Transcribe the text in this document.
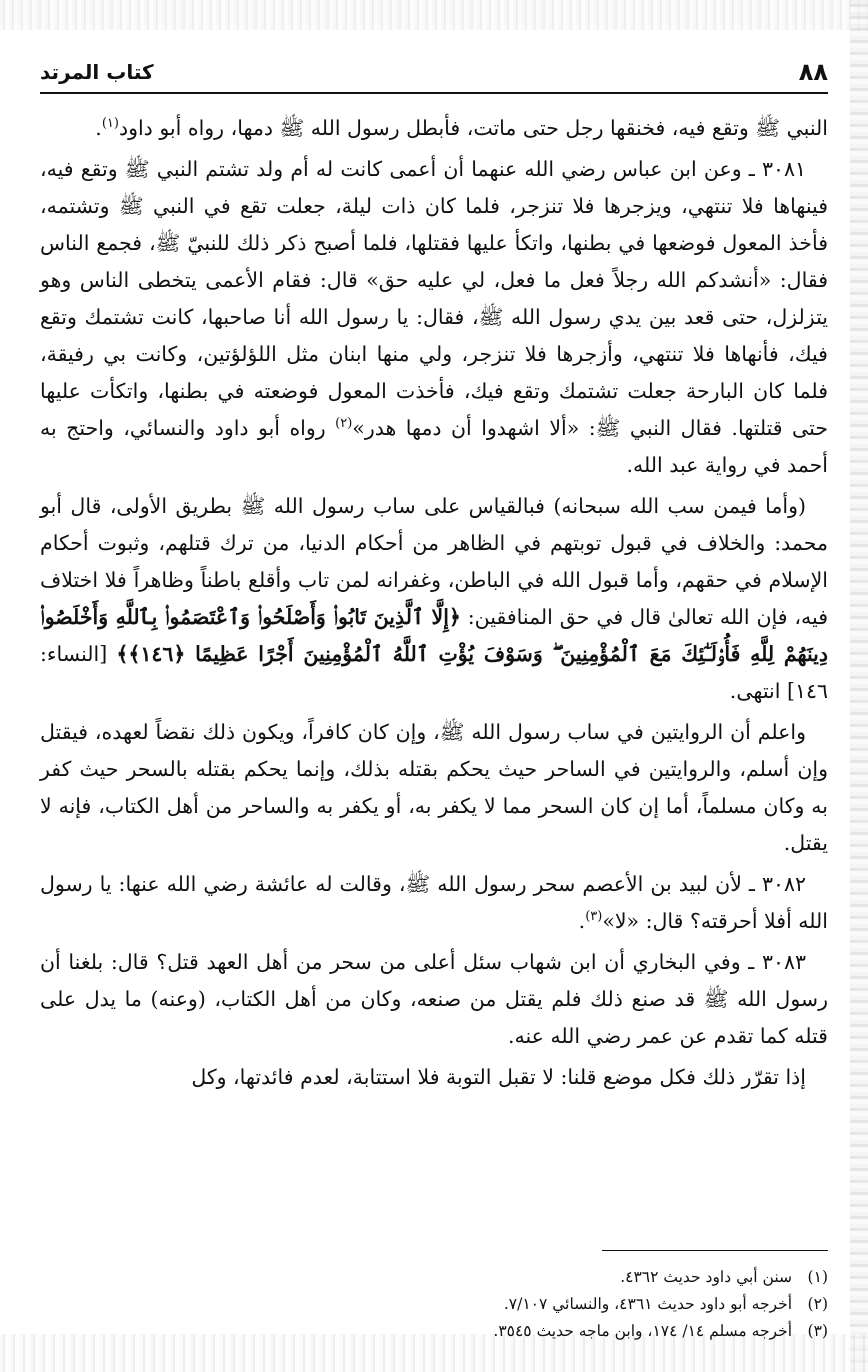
٨٨
كتاب المرتد

النبي ﷺ وتقع فيه، فخنقها رجل حتى ماتت، فأبطل رسول الله ﷺ دمها، رواه أبو داود$^{(١)}$.

٣٠٨١ ـ وعن ابن عباس رضي الله عنهما أن أعمى كانت له أم ولد تشتم النبي ﷺ وتقع فيه، فينهاها فلا تنتهي، ويزجرها فلا تنزجر، فلما كان ذات ليلة، جعلت تقع في النبي ﷺ وتشتمه، فأخذ المعول فوضعها في بطنها، واتكأ عليها فقتلها، فلما أصبح ذكر ذلك للنبيّ ﷺ، فجمع الناس فقال: «أنشدكم الله رجلاً فعل ما فعل، لي عليه حق» قال: فقام الأعمى يتخطى الناس وهو يتزلزل، حتى قعد بين يدي رسول الله ﷺ، فقال: يا رسول الله أنا صاحبها، كانت تشتمك وتقع فيك، فأنهاها فلا تنتهي، وأزجرها فلا تنزجر، ولي منها ابنان مثل اللؤلؤتين، وكانت بي رفيقة، فلما كان البارحة جعلت تشتمك وتقع فيك، فأخذت المعول فوضعته في بطنها، واتكأت عليها حتى قتلتها. فقال النبي ﷺ: «ألا اشهدوا أن دمها هدر»$^{(٢)}$ رواه أبو داود والنسائي، واحتج به أحمد في رواية عبد الله.

(وأما فيمن سب الله سبحانه) فبالقياس على ساب رسول الله ﷺ بطريق الأولى، قال أبو محمد: والخلاف في قبول توبتهم في الظاهر من أحكام الدنيا، من ترك قتلهم، وثبوت أحكام الإسلام في حقهم، وأما قبول الله في الباطن، وغفرانه لمن تاب وأقلع باطناً وظاهراً فلا اختلاف فيه، فإن الله تعالىٰ قال في حق المنافقين: ﴿إِلَّا ٱلَّذِينَ تَابُوا۟ وَأَصْلَحُوا۟ وَٱعْتَصَمُوا۟ بِٱللَّهِ وَأَخْلَصُوا۟ دِينَهُمْ لِلَّهِ فَأُو۟لَـٰٓئِكَ مَعَ ٱلْمُؤْمِنِينَ ۖ وَسَوْفَ يُؤْتِ ٱللَّهُ ٱلْمُؤْمِنِينَ أَجْرًا عَظِيمًا ﴿١٤٦﴾﴾ [النساء: ١٤٦] انتهى.

واعلم أن الروايتين في ساب رسول الله ﷺ، وإن كان كافراً، ويكون ذلك نقضاً لعهده، فيقتل وإن أسلم، والروايتين في الساحر حيث يحكم بقتله بذلك، وإنما يحكم بقتله بالسحر حيث كفر به وكان مسلماً، أما إن كان السحر مما لا يكفر به، أو يكفر به والساحر من أهل الكتاب، فإنه لا يقتل.

٣٠٨٢ ـ لأن لبيد بن الأعصم سحر رسول الله ﷺ، وقالت له عائشة رضي الله عنها: يا رسول الله أفلا أحرقته؟ قال: «لا»$^{(٣)}$.

٣٠٨٣ ـ وفي البخاري أن ابن شهاب سئل أعلى من سحر من أهل العهد قتل؟ قال: بلغنا أن رسول الله ﷺ قد صنع ذلك فلم يقتل من صنعه، وكان من أهل الكتاب، (وعنه) ما يدل على قتله كما تقدم عن عمر رضي الله عنه.

إذا تقرّر ذلك فكل موضع قلنا: لا تقبل التوبة فلا استتابة، لعدم فائدتها، وكل

(١)سنن أبي داود حديث ٤٣٦٢.
(٢)أخرجه أبو داود حديث ٤٣٦١، والنسائي ٧/١٠٧.
(٣)أخرجه مسلم ١٤/ ١٧٤، وابن ماجه حديث ٣٥٤٥.
